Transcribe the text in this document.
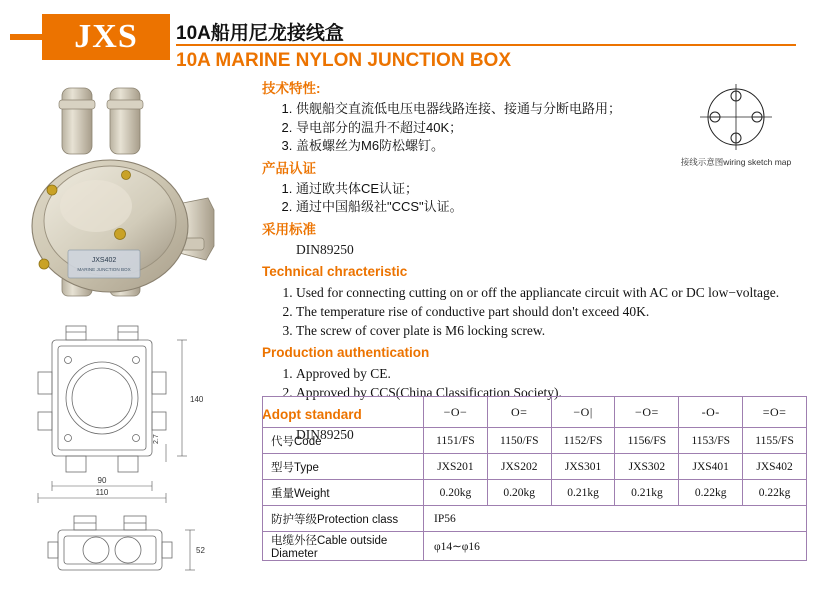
JXS	10A船用尼龙接线盒
10A MARINE NYLON JUNCTION BOX
JXS402
MARINE JUNCTION BOX
接线示意图wiring sketch map
技术特性:
1. 供舰船交直流低电压电器线路连接、接通与分断电路用；
2. 导电部分的温升不超过40K；
3. 盖板螺丝为M6防松螺钉。
产品认证
1. 通过欧共体CE认证；
2. 通过中国船级社"CCS"认证。
采用标准
DIN89250
Technical chracteristic
1. Used for connecting cutting on or off the appliancate circuit with AC or DC low−voltage.
2. The temperature rise of conductive part should don't exceed 40K.
3. The screw of cover plate is M6 locking screw.
Production authentication
1. Approved by CE.
2. Approved by CCS(China Classification Society).
Adopt standard
DIN89250
140
2.7
90
110
52
	−O−	O=	−O|	−O=	-O-	=O=
代号Code	1151/FS	1150/FS	1152/FS	1156/FS	1153/FS	1155/FS
型号Type	JXS201	JXS202	JXS301	JXS302	JXS401	JXS402
重量Weight	0.20kg	0.20kg	0.21kg	0.21kg	0.22kg	0.22kg
防护等级Protection class	IP56					
电缆外径Cable outside Diameter	φ14∼φ16					
